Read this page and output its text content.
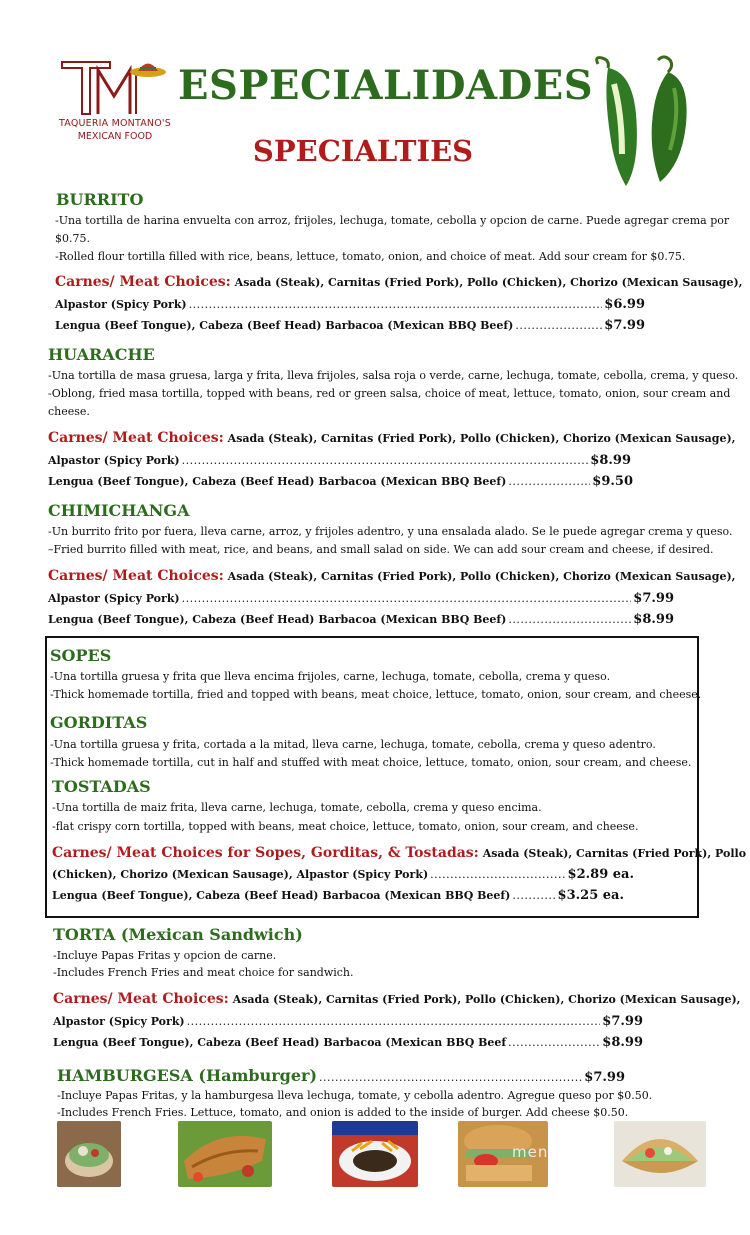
TAQUERIA MONTANO'S
MEXICAN FOOD
ESPECIALIDADES
SPECIALTIES
BURRITO
-Una tortilla de harina envuelta con arroz, frijoles, lechuga, tomate, cebolla y opcion de carne. Puede agregar crema por
$0.75.
-Rolled flour tortilla filled with rice, beans, lettuce, tomato, onion, and choice of meat. Add sour cream for $0.75.
Carnes/ Meat Choices: Asada (Steak), Carnitas (Fried Pork), Pollo (Chicken), Chorizo (Mexican Sausage),
Alpastor (Spicy Pork) .....	$6.99
Lengua (Beef Tongue), Cabeza (Beef Head) Barbacoa (Mexican BBQ Beef) .....	$7.99
HUARACHE
-Una tortilla de masa gruesa, larga y frita, lleva frijoles, salsa roja o verde, carne, lechuga, tomate, cebolla, crema, y queso.
-Oblong, fried masa tortilla, topped with beans, red or green salsa, choice of meat, lettuce, tomato, onion, sour cream and
cheese.
Carnes/ Meat Choices: Asada (Steak), Carnitas (Fried Pork), Pollo (Chicken), Chorizo (Mexican Sausage),
Alpastor (Spicy Pork) .....	$8.99
Lengua (Beef Tongue), Cabeza (Beef Head) Barbacoa (Mexican BBQ Beef) .....	$9.50
CHIMICHANGA
-Un burrito frito por fuera, lleva carne, arroz, y frijoles adentro, y una ensalada alado. Se le puede agregar crema y queso.
–Fried burrito filled with meat, rice, and beans, and small salad on side. We can add sour cream and cheese, if desired.
Carnes/ Meat Choices: Asada (Steak), Carnitas (Fried Pork), Pollo (Chicken), Chorizo (Mexican Sausage),
Alpastor (Spicy Pork) .....	$7.99
Lengua (Beef Tongue), Cabeza (Beef Head) Barbacoa (Mexican BBQ Beef) .....	$8.99
SOPES
-Una tortilla gruesa y frita que lleva encima frijoles, carne, lechuga, tomate, cebolla, crema y queso.
-Thick homemade tortilla, fried and topped with beans, meat choice, lettuce, tomato, onion, sour cream, and cheese.
GORDITAS
-Una tortilla gruesa y frita, cortada a la mitad, lleva carne, lechuga, tomate, cebolla, crema y queso adentro.
-Thick homemade tortilla, cut in half and stuffed with meat choice, lettuce, tomato, onion, sour cream, and cheese.
TOSTADAS
-Una tortilla de maiz frita, lleva carne, lechuga, tomate, cebolla, crema y queso encima.
-flat crispy corn tortilla, topped with beans, meat choice, lettuce, tomato, onion, sour cream, and cheese.
Carnes/ Meat Choices for Sopes, Gorditas, & Tostadas: Asada (Steak), Carnitas (Fried Pork), Pollo
(Chicken), Chorizo (Mexican Sausage), Alpastor (Spicy Pork) .....	$2.89 ea.
Lengua (Beef Tongue), Cabeza (Beef Head) Barbacoa (Mexican BBQ Beef) .....	$3.25 ea.
TORTA (Mexican Sandwich)
-Incluye Papas Fritas y opcion de carne.
-Includes French Fries and meat choice for sandwich.
Carnes/ Meat Choices: Asada (Steak), Carnitas (Fried Pork), Pollo (Chicken), Chorizo (Mexican Sausage),
Alpastor (Spicy Pork) .....	$7.99
Lengua (Beef Tongue), Cabeza (Beef Head) Barbacoa (Mexican BBQ Beef .....	$8.99
HAMBURGESA (Hamburger) .....	$7.99
-Incluye Papas Fritas, y la hamburgesa lleva lechuga, tomate, y cebolla adentro. Agregue queso por $0.50.
-Includes French Fries. Lettuce, tomato, and onion is added to the inside of burger. Add cheese $0.50.
menupix
